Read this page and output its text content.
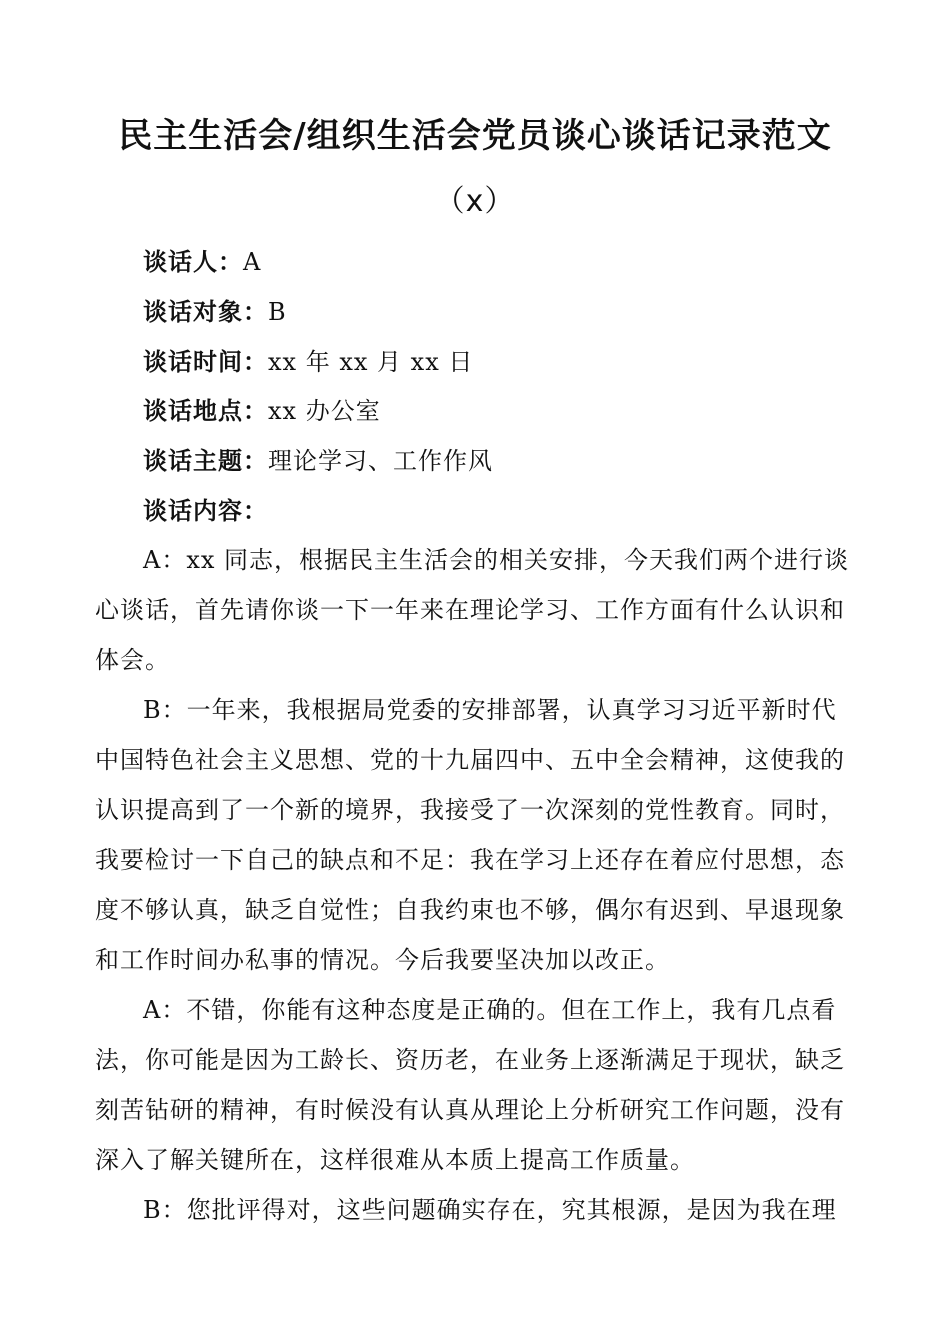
民主生活会/组织生活会党员谈心谈话记录范文
（x）
谈话人：A
谈话对象：B
谈话时间：xx 年 xx 月 xx 日
谈话地点：xx 办公室
谈话主题：理论学习、工作作风
谈话内容：
A：xx 同志，根据民主生活会的相关安排，今天我们两个进行谈
心谈话，首先请你谈一下一年来在理论学习、工作方面有什么认识和
体会。
B：一年来，我根据局党委的安排部署，认真学习习近平新时代
中国特色社会主义思想、党的十九届四中、五中全会精神，这使我的
认识提高到了一个新的境界，我接受了一次深刻的党性教育。同时，
我要检讨一下自己的缺点和不足：我在学习上还存在着应付思想，态
度不够认真，缺乏自觉性；自我约束也不够，偶尔有迟到、早退现象
和工作时间办私事的情况。今后我要坚决加以改正。
A：不错，你能有这种态度是正确的。但在工作上，我有几点看
法，你可能是因为工龄长、资历老，在业务上逐渐满足于现状，缺乏
刻苦钻研的精神，有时候没有认真从理论上分析研究工作问题，没有
深入了解关键所在，这样很难从本质上提高工作质量。
B：您批评得对，这些问题确实存在，究其根源，是因为我在理
